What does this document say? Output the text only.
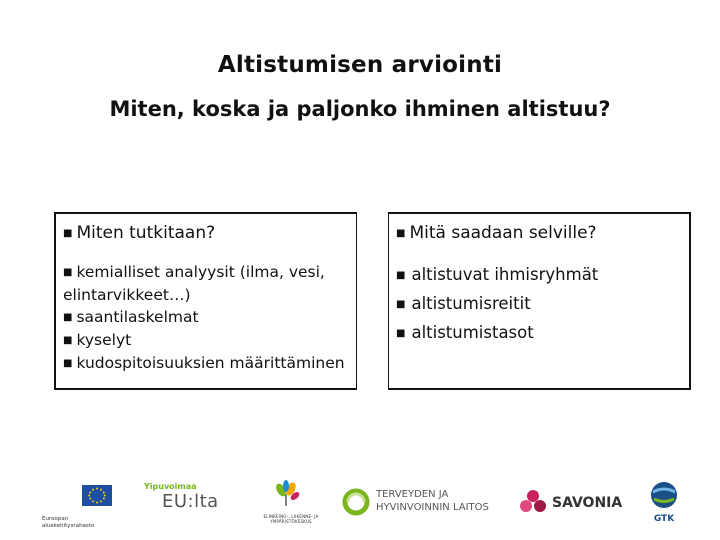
Altistumisen arviointi
Miten, koska ja paljonko ihminen altistuu?
■ Miten tutkitaan?
■ kemialliset analyysit (ilma, vesi, elintarvikkeet…)
■ saantilaskelmat
■ kyselyt
■ kudospitoisuuksien määrittäminen
■ Mitä saadaan selville?
■ altistuvat ihmisryhmät
■ altistumisreitit
■ altistumistasot
Euroopan aluekehitysrahasto
Yipuvoimaa
EU:lta
ELINKEINO-, LIIKENNE- JA YMPÄRISTÖKESKUS
TERVEYDEN JA
HYVINVOINNIN LAITOS	SAVONIA
GTK
